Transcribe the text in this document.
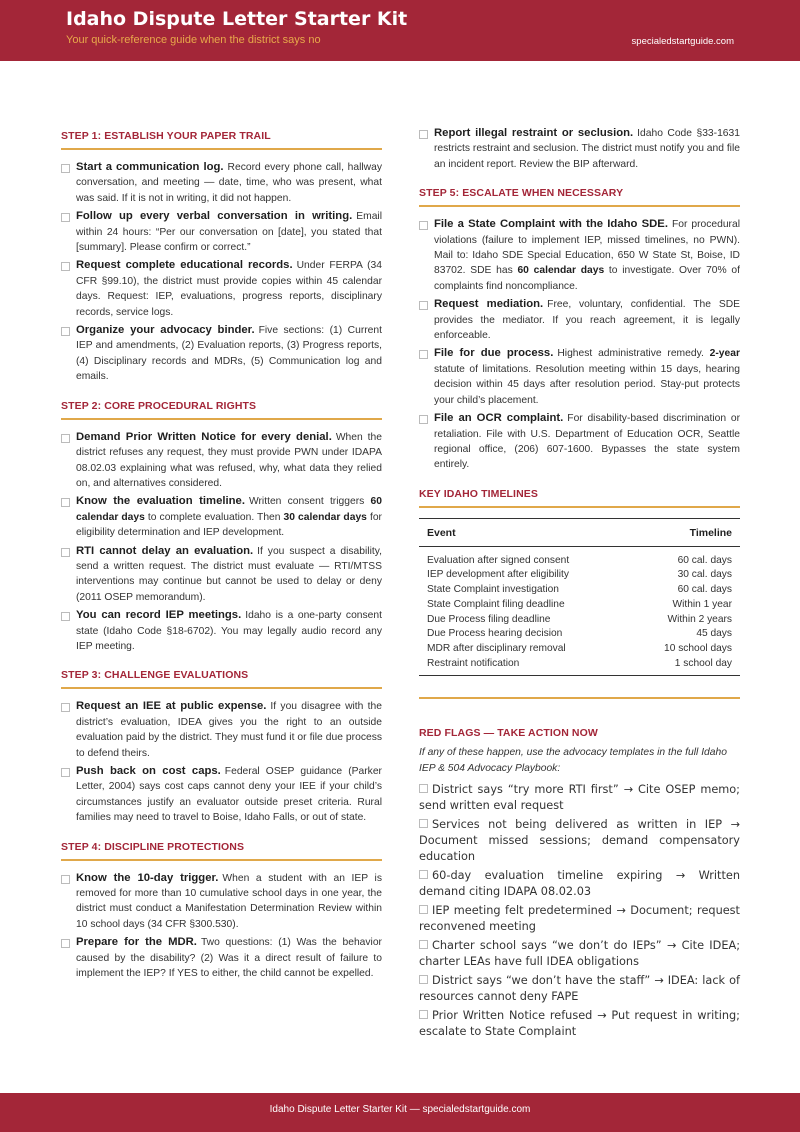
Idaho Dispute Letter Starter Kit
Your quick-reference guide when the district says no	specialedstartguide.com
STEP 1: ESTABLISH YOUR PAPER TRAIL
Start a communication log. Record every phone call, hallway conversation, and meeting — date, time, who was present, what was said. If it is not in writing, it did not happen.
Follow up every verbal conversation in writing. Email within 24 hours: “Per our conversation on [date], you stated that [summary]. Please confirm or correct.”
Request complete educational records. Under FERPA (34 CFR §99.10), the district must provide copies within 45 calendar days. Request: IEP, evaluations, progress reports, disciplinary records, service logs.
Organize your advocacy binder. Five sections: (1) Current IEP and amendments, (2) Evaluation reports, (3) Progress reports, (4) Disciplinary records and MDRs, (5) Communication log and emails.
STEP 2: CORE PROCEDURAL RIGHTS
Demand Prior Written Notice for every denial. When the district refuses any request, they must provide PWN under IDAPA 08.02.03 explaining what was refused, why, what data they relied on, and alternatives considered.
Know the evaluation timeline. Written consent triggers 60 calendar days to complete evaluation. Then 30 calendar days for eligibility determination and IEP development.
RTI cannot delay an evaluation. If you suspect a disability, send a written request. The district must evaluate — RTI/MTSS interventions may continue but cannot be used to delay or deny (2011 OSEP memorandum).
You can record IEP meetings. Idaho is a one-party consent state (Idaho Code §18-6702). You may legally audio record any IEP meeting.
STEP 3: CHALLENGE EVALUATIONS
Request an IEE at public expense. If you disagree with the district’s evaluation, IDEA gives you the right to an outside evaluation paid by the district. They must fund it or file due process to defend theirs.
Push back on cost caps. Federal OSEP guidance (Parker Letter, 2004) says cost caps cannot deny your IEE if your child’s circumstances justify an evaluator outside preset criteria. Rural families may need to travel to Boise, Idaho Falls, or out of state.
STEP 4: DISCIPLINE PROTECTIONS
Know the 10-day trigger. When a student with an IEP is removed for more than 10 cumulative school days in one year, the district must conduct a Manifestation Determination Review within 10 school days (34 CFR §300.530).
Prepare for the MDR. Two questions: (1) Was the behavior caused by the disability? (2) Was it a direct result of failure to implement the IEP? If YES to either, the child cannot be expelled.
Report illegal restraint or seclusion. Idaho Code §33-1631 restricts restraint and seclusion. The district must notify you and file an incident report. Review the BIP afterward.
STEP 5: ESCALATE WHEN NECESSARY
File a State Complaint with the Idaho SDE. For procedural violations (failure to implement IEP, missed timelines, no PWN). Mail to: Idaho SDE Special Education, 650 W State St, Boise, ID 83702. SDE has 60 calendar days to investigate. Over 70% of complaints find noncompliance.
Request mediation. Free, voluntary, confidential. The SDE provides the mediator. If you reach agreement, it is legally enforceable.
File for due process. Highest administrative remedy. 2-year statute of limitations. Resolution meeting within 15 days, hearing decision within 45 days after resolution period. Stay-put protects your child’s placement.
File an OCR complaint. For disability-based discrimination or retaliation. File with U.S. Department of Education OCR, Seattle regional office, (206) 607-1600. Bypasses the state system entirely.
KEY IDAHO TIMELINES
Event	Timeline
Evaluation after signed consent	60 cal. days
IEP development after eligibility	30 cal. days
State Complaint investigation	60 cal. days
State Complaint filing deadline	Within 1 year
Due Process filing deadline	Within 2 years
Due Process hearing decision	45 days
MDR after disciplinary removal	10 school days
Restraint notification	1 school day
RED FLAGS — TAKE ACTION NOW
If any of these happen, use the advocacy templates in the full Idaho IEP & 504 Advocacy Playbook:
District says “try more RTI first” → Cite OSEP memo; send written eval request
Services not being delivered as written in IEP → Document missed sessions; demand compensatory education
60-day evaluation timeline expiring → Written demand citing IDAPA 08.02.03
IEP meeting felt predetermined → Document; request reconvened meeting
Charter school says “we don’t do IEPs” → Cite IDEA; charter LEAs have full IDEA obligations
District says “we don’t have the staff” → IDEA: lack of resources cannot deny FAPE
Prior Written Notice refused → Put request in writing; escalate to State Complaint
Idaho Dispute Letter Starter Kit — specialedstartguide.com
